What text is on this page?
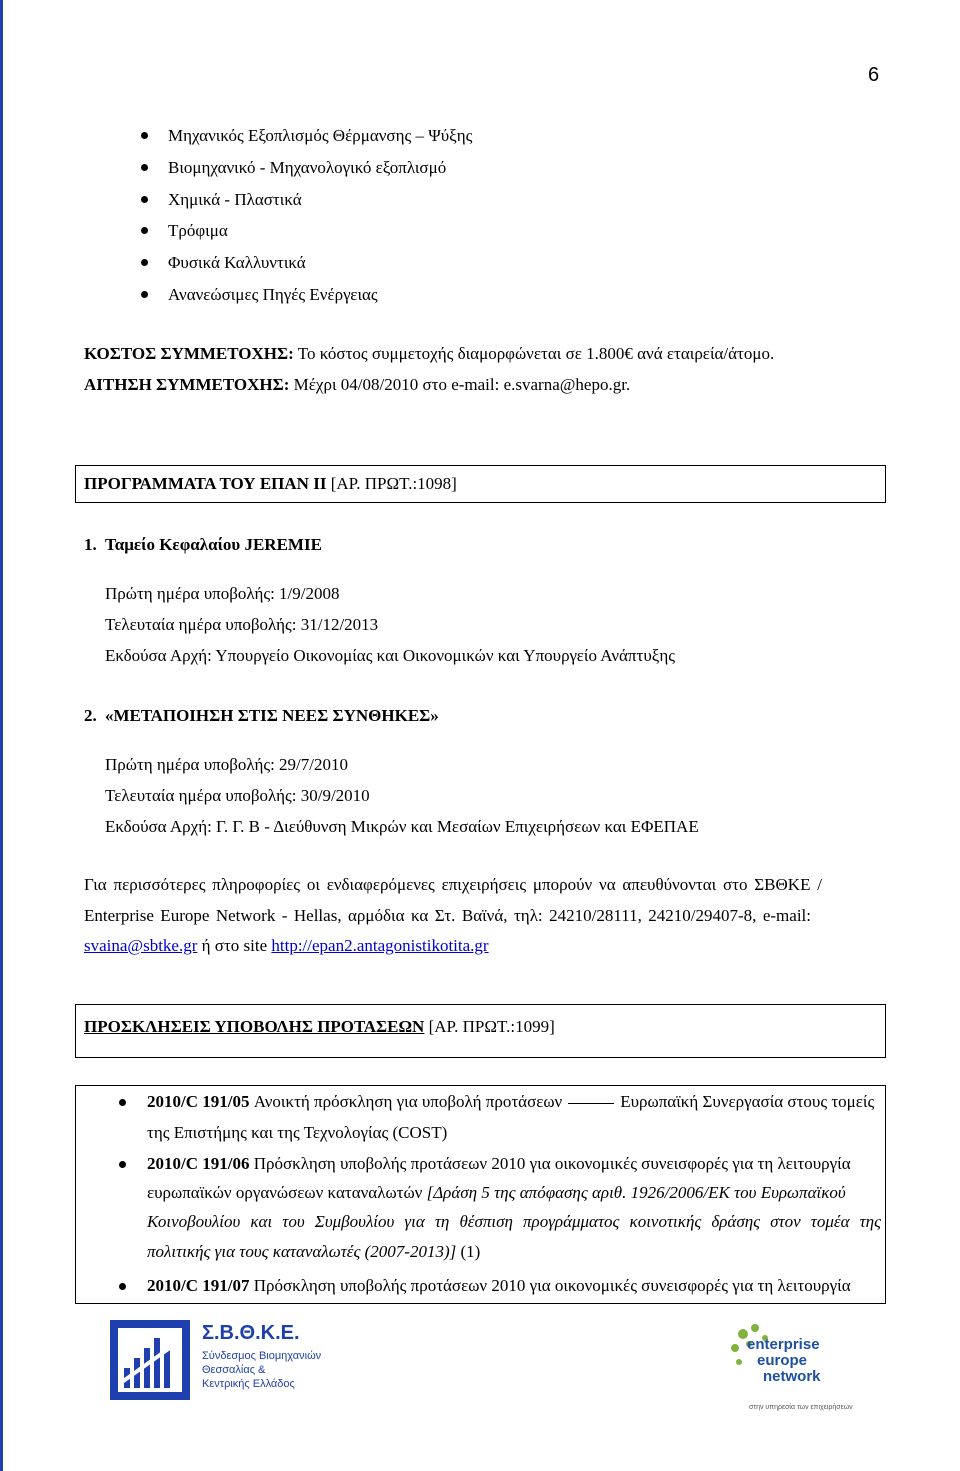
6
Μηχανικός Εξοπλισμός Θέρμανσης – Ψύξης
Βιομηχανικό - Μηχανολογικό εξοπλισμό
Χημικά - Πλαστικά
Τρόφιμα
Φυσικά Καλλυντικά
Ανανεώσιμες Πηγές Ενέργειας
ΚΟΣΤΟΣ ΣΥΜΜΕΤΟΧΗΣ: Το κόστος συμμετοχής διαμορφώνεται σε 1.800€ ανά εταιρεία/άτομο.
ΑΙΤΗΣΗ ΣΥΜΜΕΤΟΧΗΣ: Μέχρι 04/08/2010 στο e-mail: e.svarna@hepo.gr.
ΠΡΟΓΡΑΜΜΑΤΑ ΤΟΥ ΕΠΑΝ ΙΙ [ΑΡ. ΠΡΩΤ.:1098]
1. Ταμείο Κεφαλαίου JEREMIE
Πρώτη ημέρα υποβολής: 1/9/2008
Τελευταία ημέρα υποβολής: 31/12/2013
Εκδούσα Αρχή: Υπουργείο Οικονομίας και Οικονομικών και Υπουργείο Ανάπτυξης
2. «ΜΕΤΑΠΟΙΗΣΗ ΣΤΙΣ ΝΕΕΣ ΣΥΝΘΗΚΕΣ»
Πρώτη ημέρα υποβολής: 29/7/2010
Τελευταία ημέρα υποβολής: 30/9/2010
Εκδούσα Αρχή: Γ. Γ. Β - Διεύθυνση Μικρών και Μεσαίων Επιχειρήσεων και ΕΦΕΠΑΕ
Για περισσότερες πληροφορίες οι ενδιαφερόμενες επιχειρήσεις μπορούν να απευθύνονται στο ΣΒΘΚΕ /
Enterprise Europe Network - Hellas, αρμόδια κα Στ. Βαϊνά, τηλ: 24210/28111, 24210/29407-8, e-mail:
svaina@sbtke.gr ή στο site http://epan2.antagonistikotita.gr
ΠΡΟΣΚΛΗΣΕΙΣ ΥΠΟΒΟΛΗΣ ΠΡΟΤΑΣΕΩΝ [ΑΡ. ΠΡΩΤ.:1099]
2010/C 191/05 Ανοικτή πρόσκληση για υποβολή προτάσεων	Ευρωπαϊκή Συνεργασία στους τομείς
της Επιστήμης και της Τεχνολογίας (COST)
2010/C 191/06 Πρόσκληση υποβολής προτάσεων 2010 για οικονομικές συνεισφορές για τη λειτουργία
ευρωπαϊκών οργανώσεων καταναλωτών [Δράση 5 της απόφασης αριθ. 1926/2006/ΕΚ του Ευρωπαϊκού
Κοινοβουλίου και του Συμβουλίου για τη θέσπιση προγράμματος κοινοτικής δράσης στον τομέα της
πολιτικής για τους καταναλωτές (2007-2013)] (1)
2010/C 191/07 Πρόσκληση υποβολής προτάσεων 2010 για οικονομικές συνεισφορές για τη λειτουργία
Σ.Β.Θ.Κ.Ε.
Σύνδεσμος Βιομηχανιών
Θεσσαλίας &
Κεντρικής Ελλάδος
enterprise
europe
network
στην υπηρεσία των επιχειρήσεων
